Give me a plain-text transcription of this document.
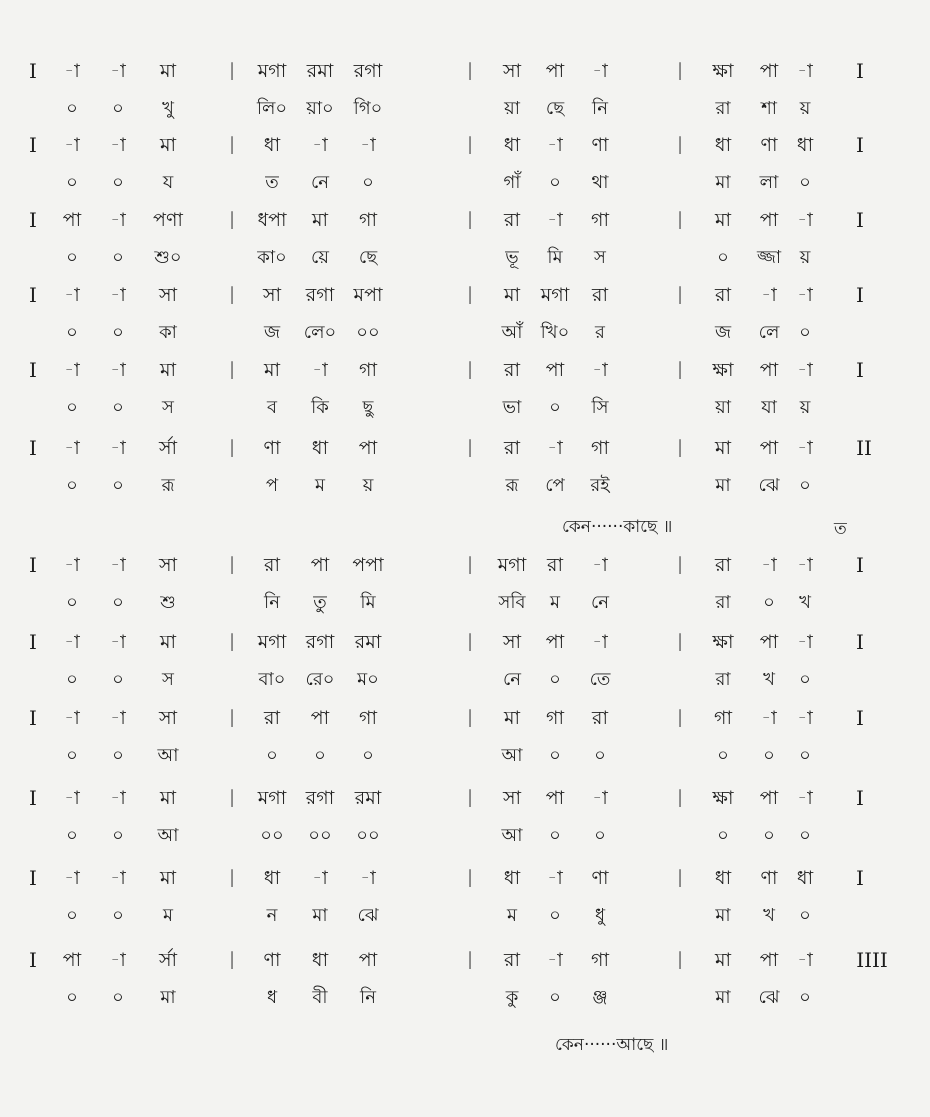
কেন······কাছে ॥	ত
কেন······আছে ॥
I -া -া মা	| মগা রমা রগা	| সা পা -া	| ক্ষা পা -া I
০ ০ খু	লি০ য়া০ গি০	য়া ছে নি	রা শা য়
I -া -া মা	| ধা -া -া	| ধা -া ণা	| ধা ণা ধা I
০ ০ য	ত নে ০	গাঁ ০ থা	মা লা ০
I পা -া পণা	| ধপা মা গা	| রা -া গা	| মা পা -া I
০ ০ শু০	কা০ য়ে ছে	ভূ মি স	০ জ্জা য়
I -া -া সা	| সা রগা মপা	| মা মগা রা	| রা -া -া I
০ ০ কা	জ লে০ ০০	আঁ খি০ র	জ লে ০
I -া -া মা	| মা -া গা	| রা পা -া	| ক্ষা পা -া I
০ ০ স	ব কি ছু	ভা ০ সি	য়া যা য়
I -া -া র্সা	| ণা ধা পা	| রা -া গা	| মা পা -া II
০ ০ রূ	প ম য়	রূ পে রই	মা ঝে ০
I -া -া সা	| রা পা পপা	| মগা রা -া	| রা -া -া I
০ ০ শু	নি তু মি	সবি ম নে	রা ০ খ
I -া -া মা	| মগা রগা রমা	| সা পা -া	| ক্ষা পা -া I
০ ০ স	বা০ রে০ ম০	নে ০ তে	রা খ ০
I -া -া সা	| রা পা গা	| মা গা রা	| গা -া -া I
০ ০ আ	০ ০ ০	আ ০ ০	০ ০ ০
I -া -া মা	| মগা রগা রমা	| সা পা -া	| ক্ষা পা -া I
০ ০ আ	০০ ০০ ০০	আ ০ ০	০ ০ ০
I -া -া মা	| ধা -া -া	| ধা -া ণা	| ধা ণা ধা I
০ ০ ম	ন মা ঝে	ম ০ ধু	মা খ ০
I পা -া র্সা	| ণা ধা পা	| রা -া গা	| মা পা -া IIII
০ ০ মা	ধ বী নি	কু ০ ঞ্জ	মা ঝে ০
